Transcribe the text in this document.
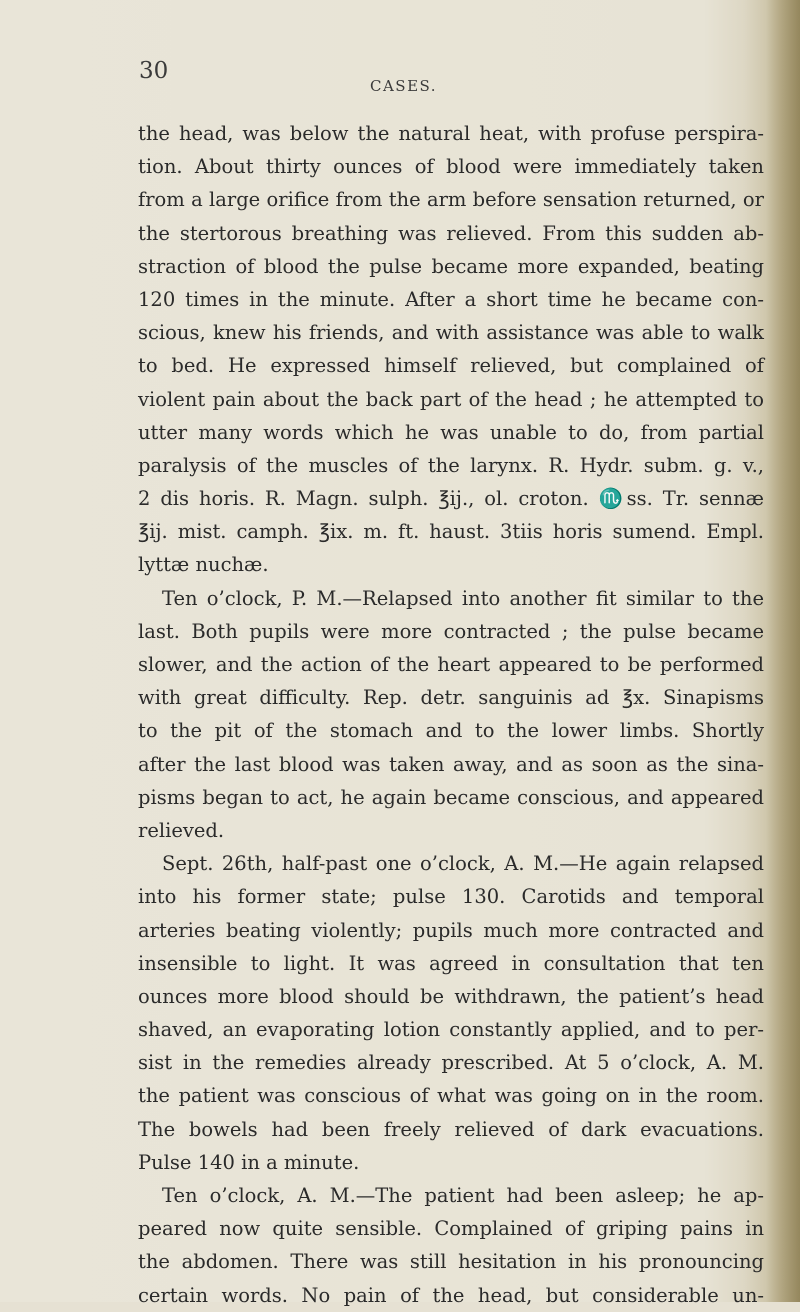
30
CASES.
the head, was below the natural heat, with profuse perspira-
tion. About thirty ounces of blood were immediately taken
from a large orifice from the arm before sensation returned, or
the stertorous breathing was relieved. From this sudden ab-
straction of blood the pulse became more expanded, beating
120 times in the minute. After a short time he became con-
scious, knew his friends, and with assistance was able to walk
to bed. He expressed himself relieved, but complained of
violent pain about the back part of the head ; he attempted to
utter many words which he was unable to do, from partial
paralysis of the muscles of the larynx. R. Hydr. subm. g. v.,
2 dis horis. R. Magn. sulph. ℥ij., ol. croton. ♏ss. Tr. sennæ
℥ij. mist. camph. ℥ix. m. ft. haust. 3tiis horis sumend. Empl.
lyttæ nuchæ.
Ten o’clock, P. M.—Relapsed into another fit similar to the
last. Both pupils were more contracted ; the pulse became
slower, and the action of the heart appeared to be performed
with great difficulty. Rep. detr. sanguinis ad ℥x. Sinapisms
to the pit of the stomach and to the lower limbs. Shortly
after the last blood was taken away, and as soon as the sina-
pisms began to act, he again became conscious, and appeared
relieved.
Sept. 26th, half-past one o’clock, A. M.—He again relapsed
into his former state; pulse 130. Carotids and temporal
arteries beating violently; pupils much more contracted and
insensible to light. It was agreed in consultation that ten
ounces more blood should be withdrawn, the patient’s head
shaved, an evaporating lotion constantly applied, and to per-
sist in the remedies already prescribed. At 5 o’clock, A. M.
the patient was conscious of what was going on in the room.
The bowels had been freely relieved of dark evacuations.
Pulse 140 in a minute.
Ten o’clock, A. M.—The patient had been asleep; he ap-
peared now quite sensible. Complained of griping pains in
the abdomen. There was still hesitation in his pronouncing
certain words. No pain of the head, but considerable un-
